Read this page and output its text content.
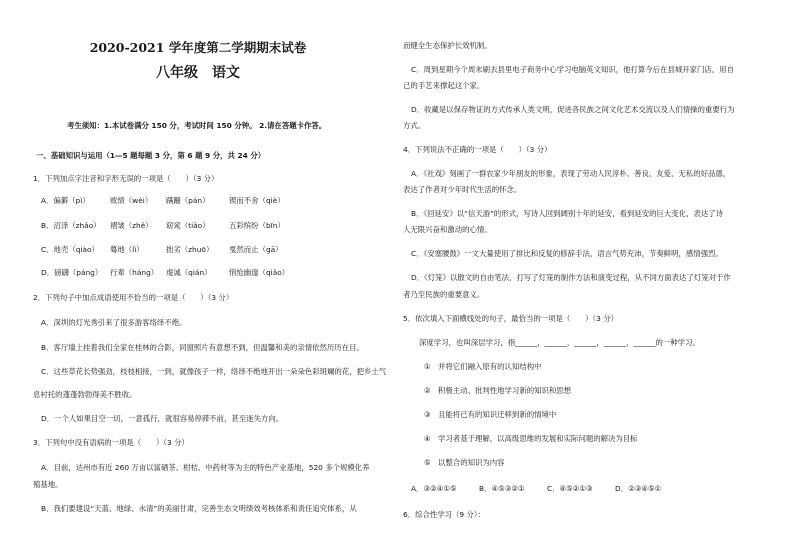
2020-2021 学年度第二学期期末试卷
八年级　语文
考生须知：1.本试卷满分 150 分，考试时间 150 分钟。 2.请在答题卡作答。
一、基础知识与运用（1—5 题每题 3 分，第 6 题 9 分，共 24 分）
1．下列加点字注音和字形无误的一项是（　　）（3 分）
A．偏僻（pì）	败绩（wèi） 蹒跚（pán）	锲而不舍（qiè）
B．沼泽（zhǎo） 褶皱（zhě） 窈窕（tiǎo）	五彩缤纷（bīn）
C．地壳（qiào） 蓦地（lì）	拙劣（zhuō） 戛然而止（gā）
D．磅礴（pánɡ） 行辈（háng） 虔诚（qián） 悄怆幽邃（qiǎo）
2．下列句子中加点成语使用不恰当的一项是（　　）（3 分）
A．深圳的灯光秀引来了很多游客络绎不绝。
B．客厅墙上挂着我们全家在桂林的合影，同窗照片有意想不到，但温馨和美的亲情依然历历在目。
C．这些草花长势强劲，枝枝相接，一到，就像孩子一样，络绎不绝地开出一朵朵色彩斑斓的花，把乡土气
息衬托的蓬蓬勃勃得美不胜收。
D．一个人如果目空一切，一意孤行，就很容易停滞不前，甚至迷失方向。
3．下列句中没有语病的一项是（　　）（3 分）
A．目前，达州市有近 260 万亩以富硒茶、柑桔、中药材等为主的特色产业基地，520 多个规模化养
殖基地。
B．我们要建设“天蓝、地绿、水清”的美丽甘肃，完善生态文明绩效考核体系和责任追究体系，从
而健全生态保护长效机制。
C．周到星期今个周末刷去县里电子商务中心学习电脑英文知识，他打算今后在县城开家门店，用自
己的手艺来撑起这个家。
D．收藏是以保存物证的方式传承人类文明，促进各民族之间文化艺术交流以及人们情操的重要行为
方式。
4．下列说法不正确的一项是（　　）（3 分）
A．《社戏》刻画了一群农家少年朋友的形象，表现了劳动人民淳朴、善良、友爱、无私的好品德，
表达了作者对少年时代生活的怀念。
B．《回延安》以“信天游”的形式，写诗人回到阔别十年的延安，看到延安的巨大变化，表达了诗
人无限兴奋和激动的心情。
C．《安塞腰鼓》一文大量使用了排比和反复的修辞手法，语言气势充沛，节奏鲜明，感情强烈。
D．《灯笼》以散文的自由笔法，打写了灯笼的制作方法和演变过程，从不同方面表达了灯笼对于作
者乃至民族的重要意义。
5．依次填入下面横线处的句子，最恰当的一项是（　　）（3 分）
深度学习，也叫深层学习，指______，______，______，______，______的一种学习。
①　并将它们融入原有的认知结构中
②　积极主动、批判性地学习新的知识和思想
③　且能将已有的知识迁移到新的情境中
④　学习者基于理解，以高级思维的发展和实际问题的解决为目标
⑤　以整合的知识为内容
A．③②④①⑤	B．④⑤③②①	C．④⑤②①③	D．②③④⑤①
6．综合性学习（9 分）：
